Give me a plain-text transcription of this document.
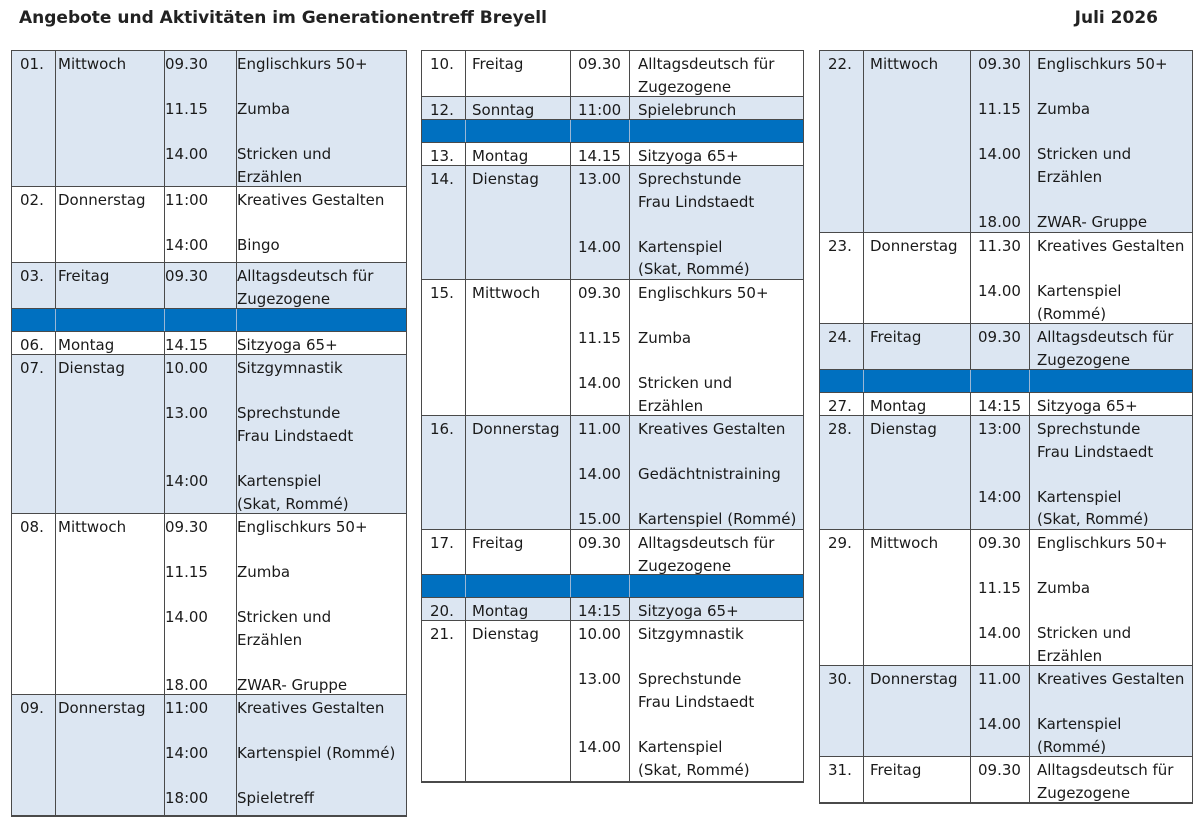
Angebote und Aktivitäten im Generationentreff Breyell	Juli 2026
01. Mittwoch	09.30 Englischkurs 50+
11.15 Zumba
14.00 Stricken und
Erzählen
02. Donnerstag 11:00 Kreatives Gestalten
14:00 Bingo
03. Freitag	09.30 Alltagsdeutsch für
Zugezogene
06. Montag	14.15 Sitzyoga 65+
07. Dienstag	10.00 Sitzgymnastik
13.00 Sprechstunde
Frau Lindstaedt
14:00 Kartenspiel
(Skat, Rommé)
08. Mittwoch	09.30 Englischkurs 50+
11.15 Zumba
14.00 Stricken und
Erzählen
18.00 ZWAR- Gruppe
09. Donnerstag 11:00 Kreatives Gestalten
14:00 Kartenspiel (Rommé)
18:00 Spieletreff
10. Freitag	09.30 Alltagsdeutsch für
Zugezogene
12. Sonntag	11:00 Spielebrunch
13. Montag	14.15 Sitzyoga 65+
14. Dienstag	13.00 Sprechstunde
Frau Lindstaedt
14.00 Kartenspiel
(Skat, Rommé)
15. Mittwoch	09.30 Englischkurs 50+
11.15 Zumba
14.00 Stricken und
Erzählen
16. Donnerstag 11.00 Kreatives Gestalten
14.00 Gedächtnistraining
15.00 Kartenspiel (Rommé)
17. Freitag	09.30 Alltagsdeutsch für
Zugezogene
20. Montag	14:15 Sitzyoga 65+
21. Dienstag	10.00 Sitzgymnastik
13.00 Sprechstunde
Frau Lindstaedt
14.00 Kartenspiel
(Skat, Rommé)
22. Mittwoch	09.30 Englischkurs 50+
11.15 Zumba
14.00 Stricken und
Erzählen
18.00 ZWAR- Gruppe
23. Donnerstag 11.30 Kreatives Gestalten
14.00 Kartenspiel
(Rommé)
24. Freitag	09.30 Alltagsdeutsch für
Zugezogene
27. Montag	14:15 Sitzyoga 65+
28. Dienstag	13:00 Sprechstunde
Frau Lindstaedt
14:00 Kartenspiel
(Skat, Rommé)
29. Mittwoch	09.30 Englischkurs 50+
11.15 Zumba
14.00 Stricken und
Erzählen
30. Donnerstag 11.00 Kreatives Gestalten
14.00 Kartenspiel
(Rommé)
31. Freitag	09.30 Alltagsdeutsch für
Zugezogene
